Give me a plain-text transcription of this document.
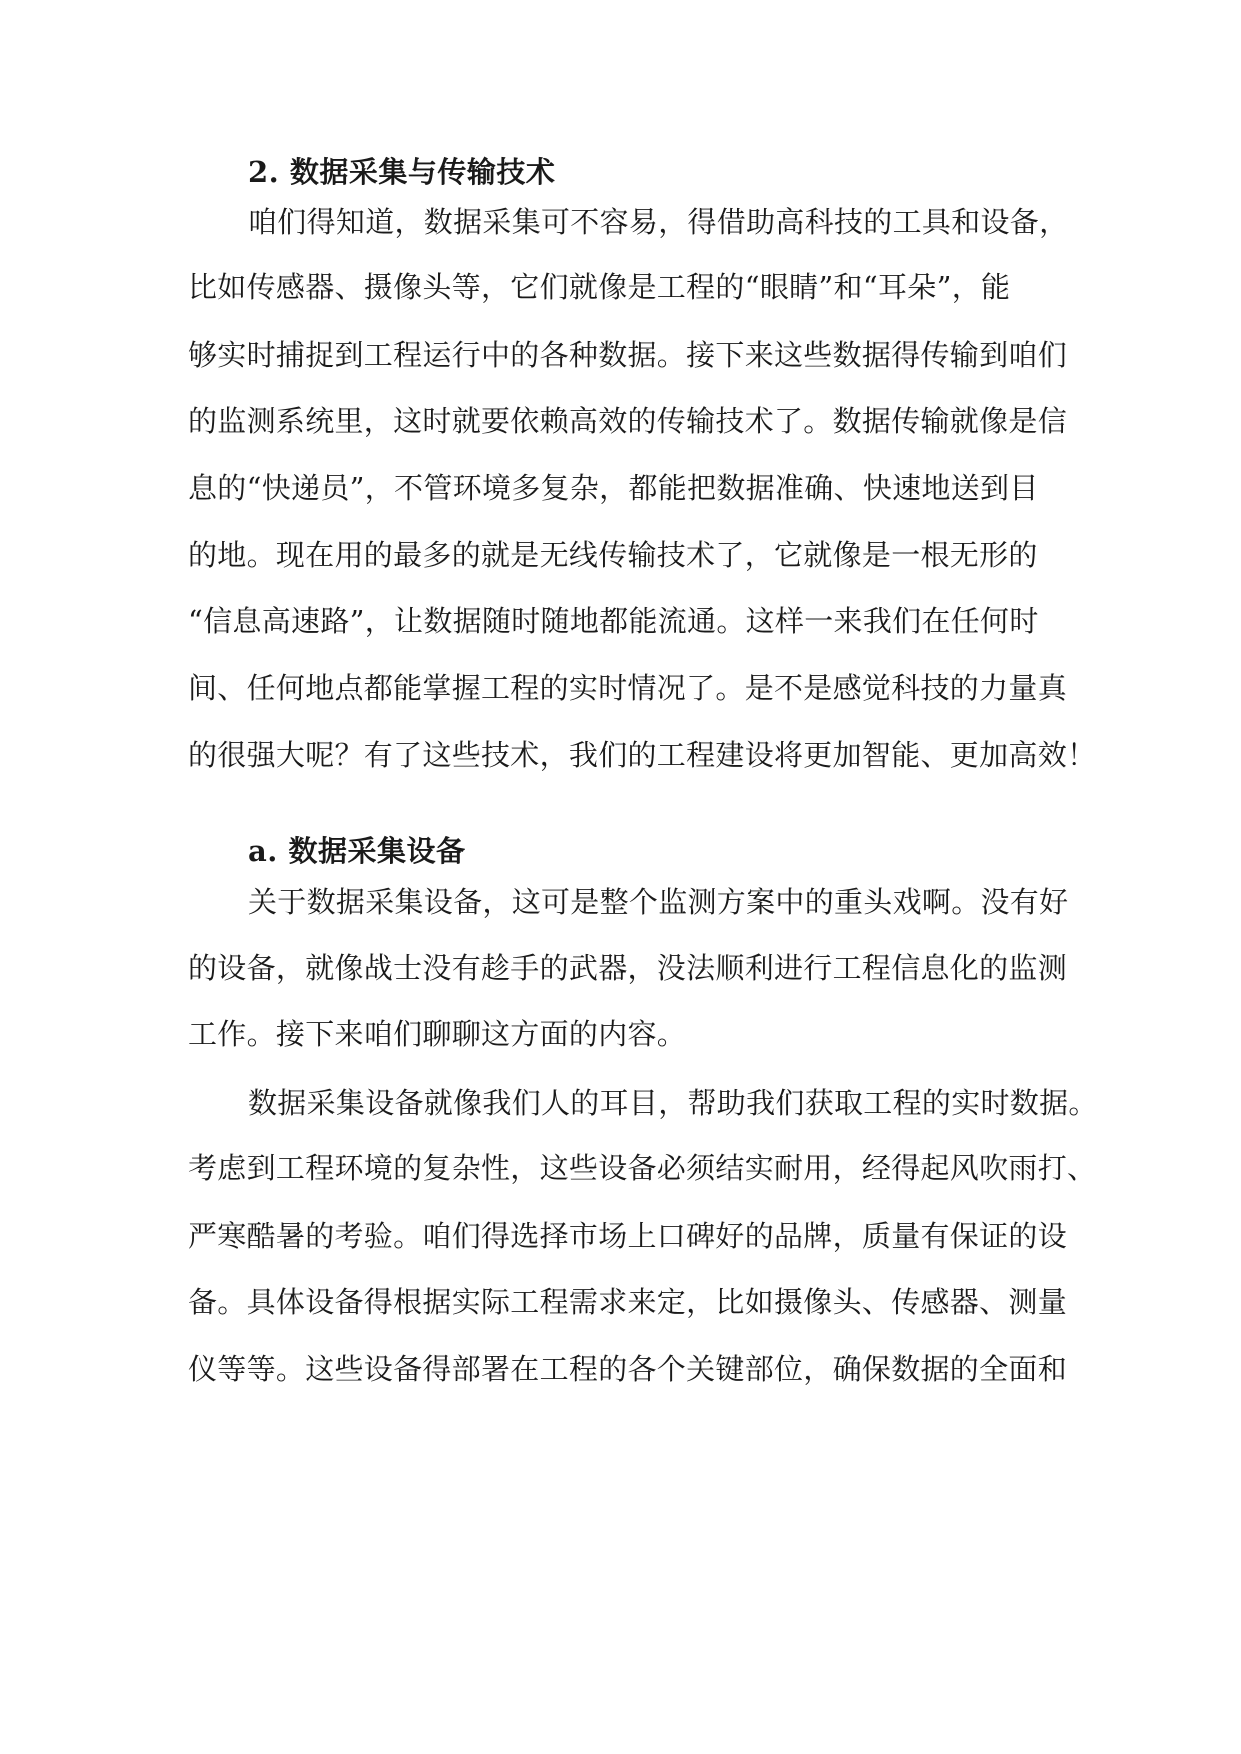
2. 数据采集与传输技术
咱们得知道，数据采集可不容易，得借助高科技的工具和设备，
比如传感器、摄像头等，它们就像是工程的“眼睛”和“耳朵”，能
够实时捕捉到工程运行中的各种数据。接下来这些数据得传输到咱们
的监测系统里，这时就要依赖高效的传输技术了。数据传输就像是信
息的“快递员”，不管环境多复杂，都能把数据准确、快速地送到目
的地。现在用的最多的就是无线传输技术了，它就像是一根无形的
“信息高速路”，让数据随时随地都能流通。这样一来我们在任何时
间、任何地点都能掌握工程的实时情况了。是不是感觉科技的力量真
的很强大呢？有了这些技术，我们的工程建设将更加智能、更加高效！
a. 数据采集设备
关于数据采集设备，这可是整个监测方案中的重头戏啊。没有好
的设备，就像战士没有趁手的武器，没法顺利进行工程信息化的监测
工作。接下来咱们聊聊这方面的内容。
数据采集设备就像我们人的耳目，帮助我们获取工程的实时数据。
考虑到工程环境的复杂性，这些设备必须结实耐用，经得起风吹雨打、
严寒酷暑的考验。咱们得选择市场上口碑好的品牌，质量有保证的设
备。具体设备得根据实际工程需求来定，比如摄像头、传感器、测量
仪等等。这些设备得部署在工程的各个关键部位，确保数据的全面和
